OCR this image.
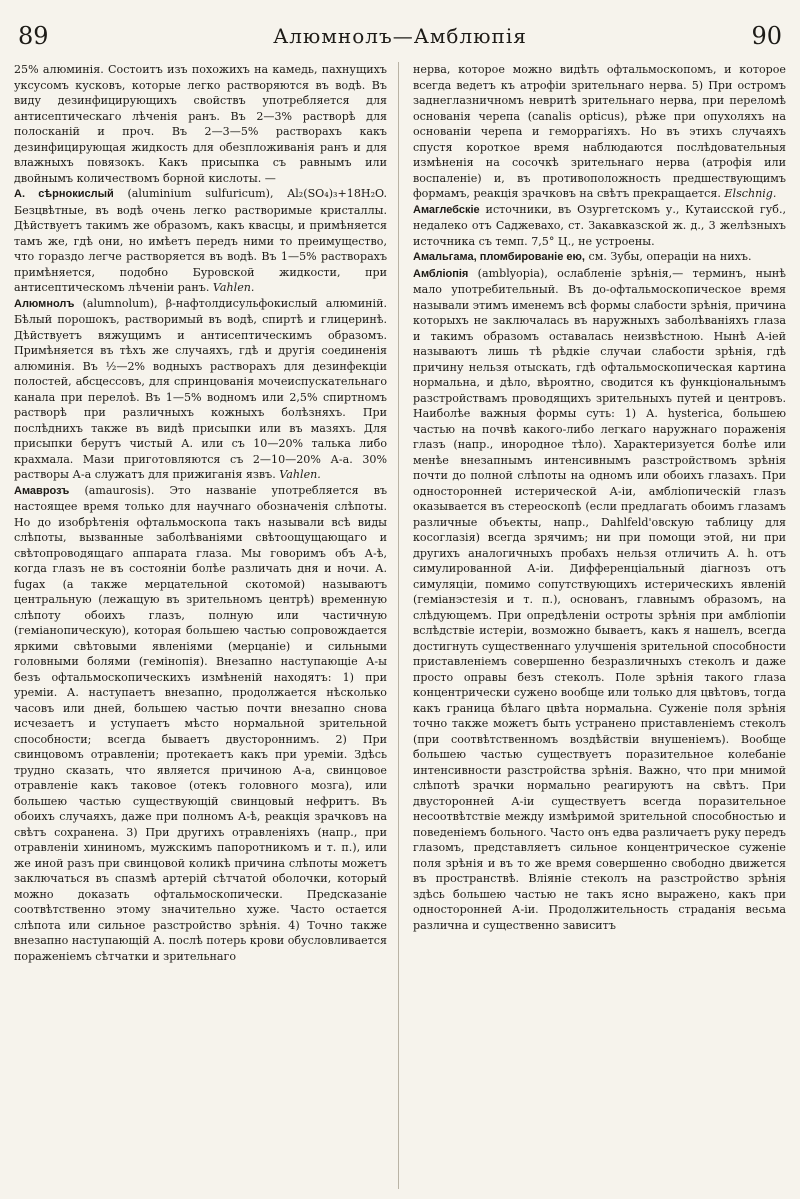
89	Алюмнолъ—Амблюпія	90

25% алюминія. Состоитъ изъ похожихъ на камедь, пахнущихъ уксусомъ кусковъ, которые легко растворяются въ водѣ. Въ виду дезинфицирующихъ свойствъ употребляется для антисептическаго лѣченія ранъ. Въ 2—3% растворѣ для полосканій и проч. Въ 2—3—5% растворахъ какъ дезинфицирующая жидкость для обезпложиванія ранъ и для влажныхъ повязокъ. Какъ присыпка съ равнымъ или двойнымъ количествомъ борной кислоты. —

А. сѣрнокислый (aluminium sulfuricum), Al₂(SO₄)₃+18H₂O. Безцвѣтные, въ водѣ очень легко растворимые кристаллы. Дѣйствуетъ такимъ же образомъ, какъ квасцы, и примѣняется тамъ же, гдѣ они, но имѣетъ передъ ними то преимущество, что гораздо легче растворяется въ водѣ. Въ 1—5% растворахъ примѣняется, подобно Буровской жидкости, при антисептическомъ лѣченіи ранъ. Vahlen.

Алюмнолъ (alumnolum), β-нафтолдисульфокислый алюминій. Бѣлый порошокъ, растворимый въ водѣ, спиртѣ и глицеринѣ. Дѣйствуетъ вяжущимъ и антисептическимъ образомъ. Примѣняется въ тѣхъ же случаяхъ, гдѣ и другія соединенія алюминія. Въ ½—2% водныхъ растворахъ для дезинфекціи полостей, абсцессовъ, для спринцованія мочеиспускательнаго канала при перелоѣ. Въ 1—5% водномъ или 2,5% спиртномъ растворѣ при различныхъ кожныхъ болѣзняхъ. При послѣднихъ также въ видѣ присыпки или въ мазяхъ. Для присыпки берутъ чистый А. или съ 10—20% талька либо крахмала. Мази приготовляются съ 2—10—20% А-а. 30% растворы А-а служатъ для прижиганія язвъ. Vahlen.

Амаврозъ (amaurosis). Это названіе употребляется въ настоящее время только для научнаго обозначенія слѣпоты. Но до изобрѣтенія офтальмоскопа такъ называли всѣ виды слѣпоты, вызванные заболѣваніями свѣтоощущающаго и свѣтопроводящаго аппарата глаза. Мы говоримъ объ А-ѣ, когда глазъ не въ состояніи болѣе различать дня и ночи. А. fugax (а также мерцательной скотомой) называютъ центральную (лежащую въ зрительномъ центрѣ) временную слѣпоту обоихъ глазъ, полную или частичную (геміанопическую), которая большею частью сопровождается яркими свѣтовыми явленіями (мерцаніе) и сильными головными болями (гемінопія). Внезапно наступающіе А-ы безъ офтальмоскопическихъ измѣненій находятъ: 1) при уремiи. А. наступаетъ внезапно, продолжается нѣсколько часовъ или дней, большею частью почти внезапно снова исчезаетъ и уступаетъ мѣсто нормальной зрительной способности; всегда бываетъ двустороннимъ. 2) При свинцовомъ отравленіи; протекаетъ какъ при уреміи. Здѣсь трудно сказать, что является причиною А-а, свинцовое отравленіе какъ таковое (отекъ головного мозга), или большею частью существующій свинцовый нефритъ. Въ обоихъ случаяхъ, даже при полномъ А-ѣ, реакція зрачковъ на свѣтъ сохранена. 3) При другихъ отравленіяхъ (напр., при отравленіи хининомъ, мужскимъ папоротникомъ и т. п.), или же иной разъ при свинцовой коликѣ причина слѣпоты можетъ заключаться въ спазмѣ артерій сѣтчатой оболочки, который можно доказать офтальмоскопически. Предсказаніе соотвѣтственно этому значительно хуже. Часто остается слѣпота или сильное разстройство зрѣнія. 4) Точно также внезапно наступающій А. послѣ потерь крови обусловливается пораженіемъ сѣтчатки и зрительнаго

нерва, которое можно видѣть офтальмоскопомъ, и которое всегда ведетъ къ атрофіи зрительнаго нерва. 5) При остромъ заднеглазничномъ невритѣ зрительнаго нерва, при переломѣ основанія черепа (canalis opticus), рѣже при опухоляхъ на основаніи черепа и геморрагіяхъ. Но въ этихъ случаяхъ спустя короткое время наблюдаются послѣдовательныя измѣненія на сосочкѣ зрительнаго нерва (атрофія или воспаленіе) и, въ противоположность предшествующимъ формамъ, реакція зрачковъ на свѣтъ прекращается. Elschnig.

Амаглебскіе источники, въ Озургетскомъ у., Кутаисской губ., недалеко отъ Саджевахо, ст. Закавказской ж. д., 3 желѣзныхъ источника съ темп. 7,5° Ц., не устроены.

Амальгама, пломбированіе ею, см. Зубы, операціи на нихъ.

Амбліопія (amblyopia), ослабленіе зрѣнія,— терминъ, нынѣ мало употребительный. Въ до-офтальмоскопическое время называли этимъ именемъ всѣ формы слабости зрѣнія, причина которыхъ не заключалась въ наружныхъ заболѣваніяхъ глаза и такимъ образомъ оставалась неизвѣстною. Нынѣ А-іей называютъ лишь тѣ рѣдкіе случаи слабости зрѣнія, гдѣ причину нельзя отыскать, гдѣ офтальмоскопическая картина нормальна, и дѣло, вѣроятно, сводится къ функціональнымъ разстройствамъ проводящихъ зрительныхъ путей и центровъ. Наиболѣе важныя формы суть: 1) А. hysterica, большею частью на почвѣ какого-либо легкаго наружнаго пораженія глазъ (напр., инородное тѣло). Характеризуется болѣе или менѣе внезапнымъ интенсивнымъ разстройствомъ зрѣнія почти до полной слѣпоты на одномъ или обоихъ глазахъ. При односторонней истерической А-іи, амбліопическій глазъ оказывается въ стереоскопѣ (если предлагать обоимъ глазамъ различные объекты, напр., Dahlfeld'овскую таблицу для косоглазія) всегда зрячимъ; ни при помощи этой, ни при другихъ аналогичныхъ пробахъ нельзя отличить А. h. отъ симулированной А-іи. Дифференціальный діагнозъ отъ симуляціи, помимо сопутствующихъ истерическихъ явленій (геміанэстезія и т. п.), основанъ, главнымъ образомъ, на слѣдующемъ. При опредѣленіи остроты зрѣнія при амбліопіи вслѣдствіе истеріи, возможно бываетъ, какъ я нашелъ, всегда достигнуть существеннаго улучшенія зрительной способности приставленіемъ совершенно безразличныхъ стеколъ и даже просто оправы безъ стеколъ. Поле зрѣнія такого глаза концентрически сужено вообще или только для цвѣтовъ, тогда какъ граница бѣлаго цвѣта нормальна. Суженіе поля зрѣнія точно также можетъ быть устранено приставленіемъ стеколъ (при соотвѣтственномъ воздѣйствіи внушеніемъ). Вообще большею частью существуетъ поразительное колебаніе интенсивности разстройства зрѣнія. Важно, что при мнимой слѣпотѣ зрачки нормально реагируютъ на свѣтъ. При двусторонней А-іи существуетъ всегда поразительное несоотвѣтствіе между измѣримой зрительной способностью и поведеніемъ больного. Часто онъ едва различаетъ руку передъ глазомъ, представляетъ сильное концентрическое суженіе поля зрѣнія и въ то же время совершенно свободно движется въ пространствѣ. Вліяніе стеколъ на разстройство зрѣнія здѣсь большею частью не такъ ясно выражено, какъ при односторонней А-іи. Продолжительность страданія весьма различна и существенно зависитъ
